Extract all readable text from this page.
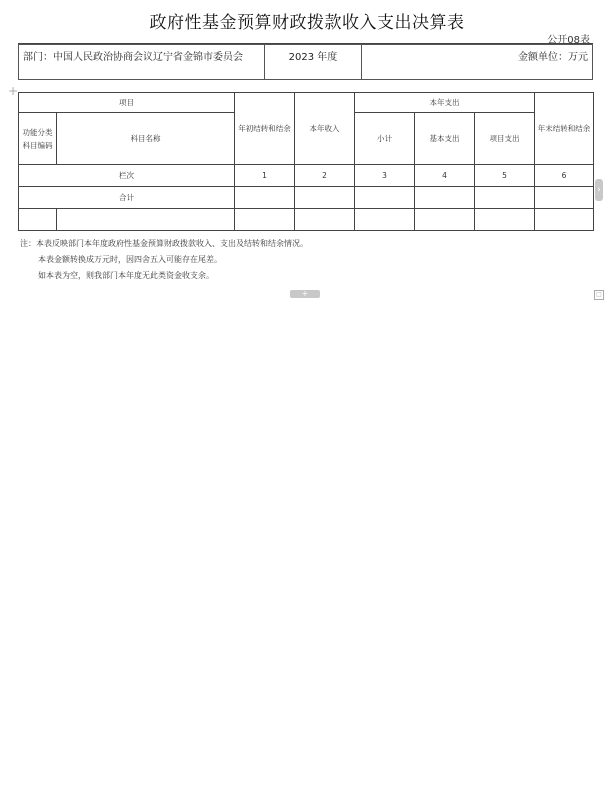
政府性基金预算财政拨款收入支出决算表
公开08表
部门：中国人民政治协商会议辽宁省金锦市委员会	2023 年度	金额单位：万元
+
项目		年初结转和结余	本年收入	本年支出			年末结转和结余
功能分类科目编码	科目名称			小计	基本支出	项目支出	
栏次		1	2	3	4	5	6
合计							

注：本表反映部门本年度政府性基金预算财政拨款收入、支出及结转和结余情况。
本表金额转换成万元时，因四舍五入可能存在尾差。
如本表为空，则我部门本年度无此类资金收支余。
›
+	□
